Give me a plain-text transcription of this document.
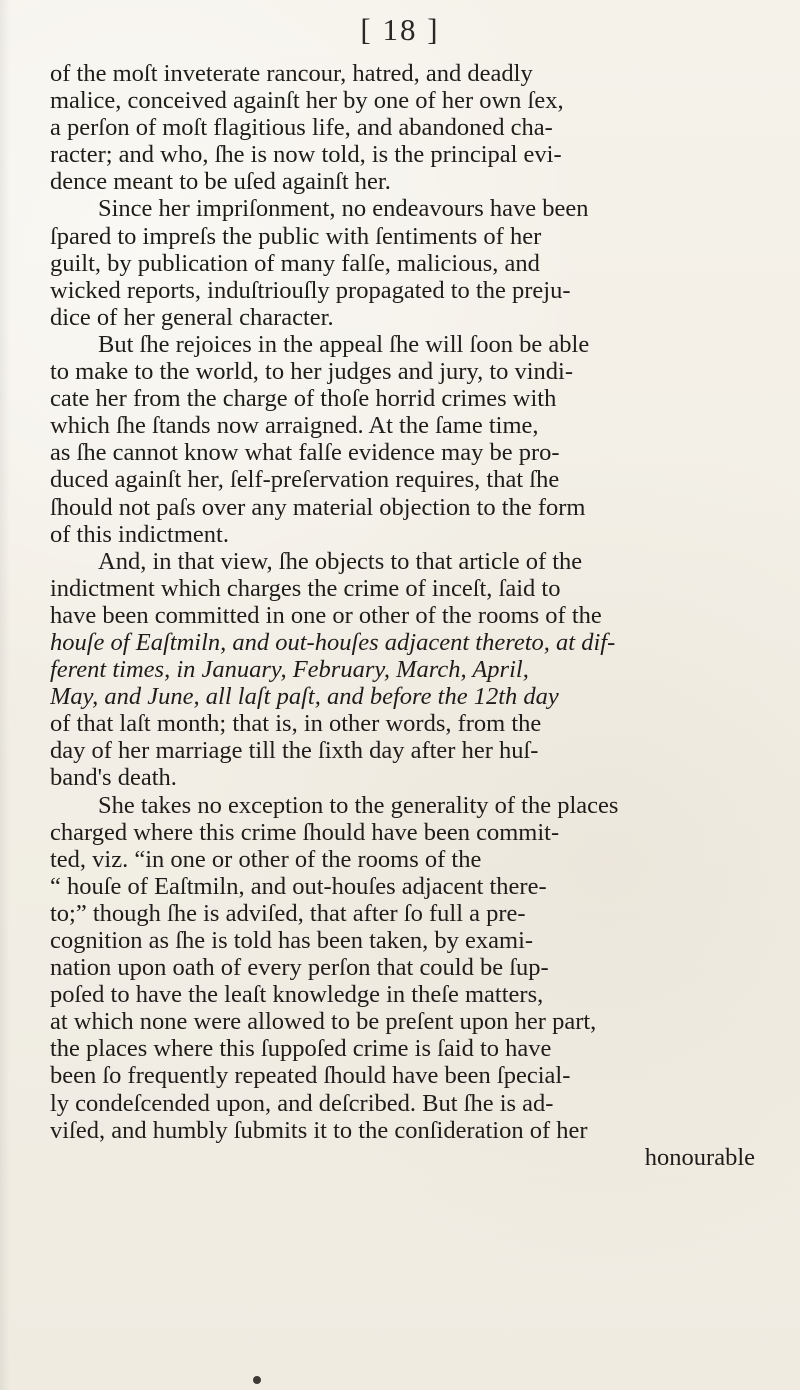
[ 18 ]
of the moſt inveterate rancour, hatred, and deadly
malice, conceived againſt her by one of her own ſex,
a perſon of moſt flagitious life, and abandoned cha-
racter; and who, ſhe is now told, is the principal evi-
dence meant to be uſed againſt her.
Since her impriſonment, no endeavours have been
ſpared to impreſs the public with ſentiments of her
guilt, by publication of many falſe, malicious, and
wicked reports, induſtriouſly propagated to the preju-
dice of her general character.
But ſhe rejoices in the appeal ſhe will ſoon be able
to make to the world, to her judges and jury, to vindi-
cate her from the charge of thoſe horrid crimes with
which ſhe ſtands now arraigned. At the ſame time,
as ſhe cannot know what falſe evidence may be pro-
duced againſt her, ſelf-preſervation requires, that ſhe
ſhould not paſs over any material objection to the form
of this indictment.
And, in that view, ſhe objects to that article of the
indictment which charges the crime of inceſt, ſaid to
have been committed in one or other of the rooms of the
houſe of Eaſtmiln, and out-houſes adjacent thereto, at dif-
ferent times, in January, February, March, April,
May, and June, all laſt paſt, and before the 12th day
of that laſt month; that is, in other words, from the
day of her marriage till the ſixth day after her huſ-
band's death.
She takes no exception to the generality of the places
charged where this crime ſhould have been commit-
ted, viz. “in one or other of the rooms of the
“ houſe of Eaſtmiln, and out-houſes adjacent there-
to;” though ſhe is adviſed, that after ſo full a pre-
cognition as ſhe is told has been taken, by exami-
nation upon oath of every perſon that could be ſup-
poſed to have the leaſt knowledge in theſe matters,
at which none were allowed to be preſent upon her part,
the places where this ſuppoſed crime is ſaid to have
been ſo frequently repeated ſhould have been ſpecial-
ly condeſcended upon, and deſcribed. But ſhe is ad-
viſed, and humbly ſubmits it to the conſideration of her
honourable
